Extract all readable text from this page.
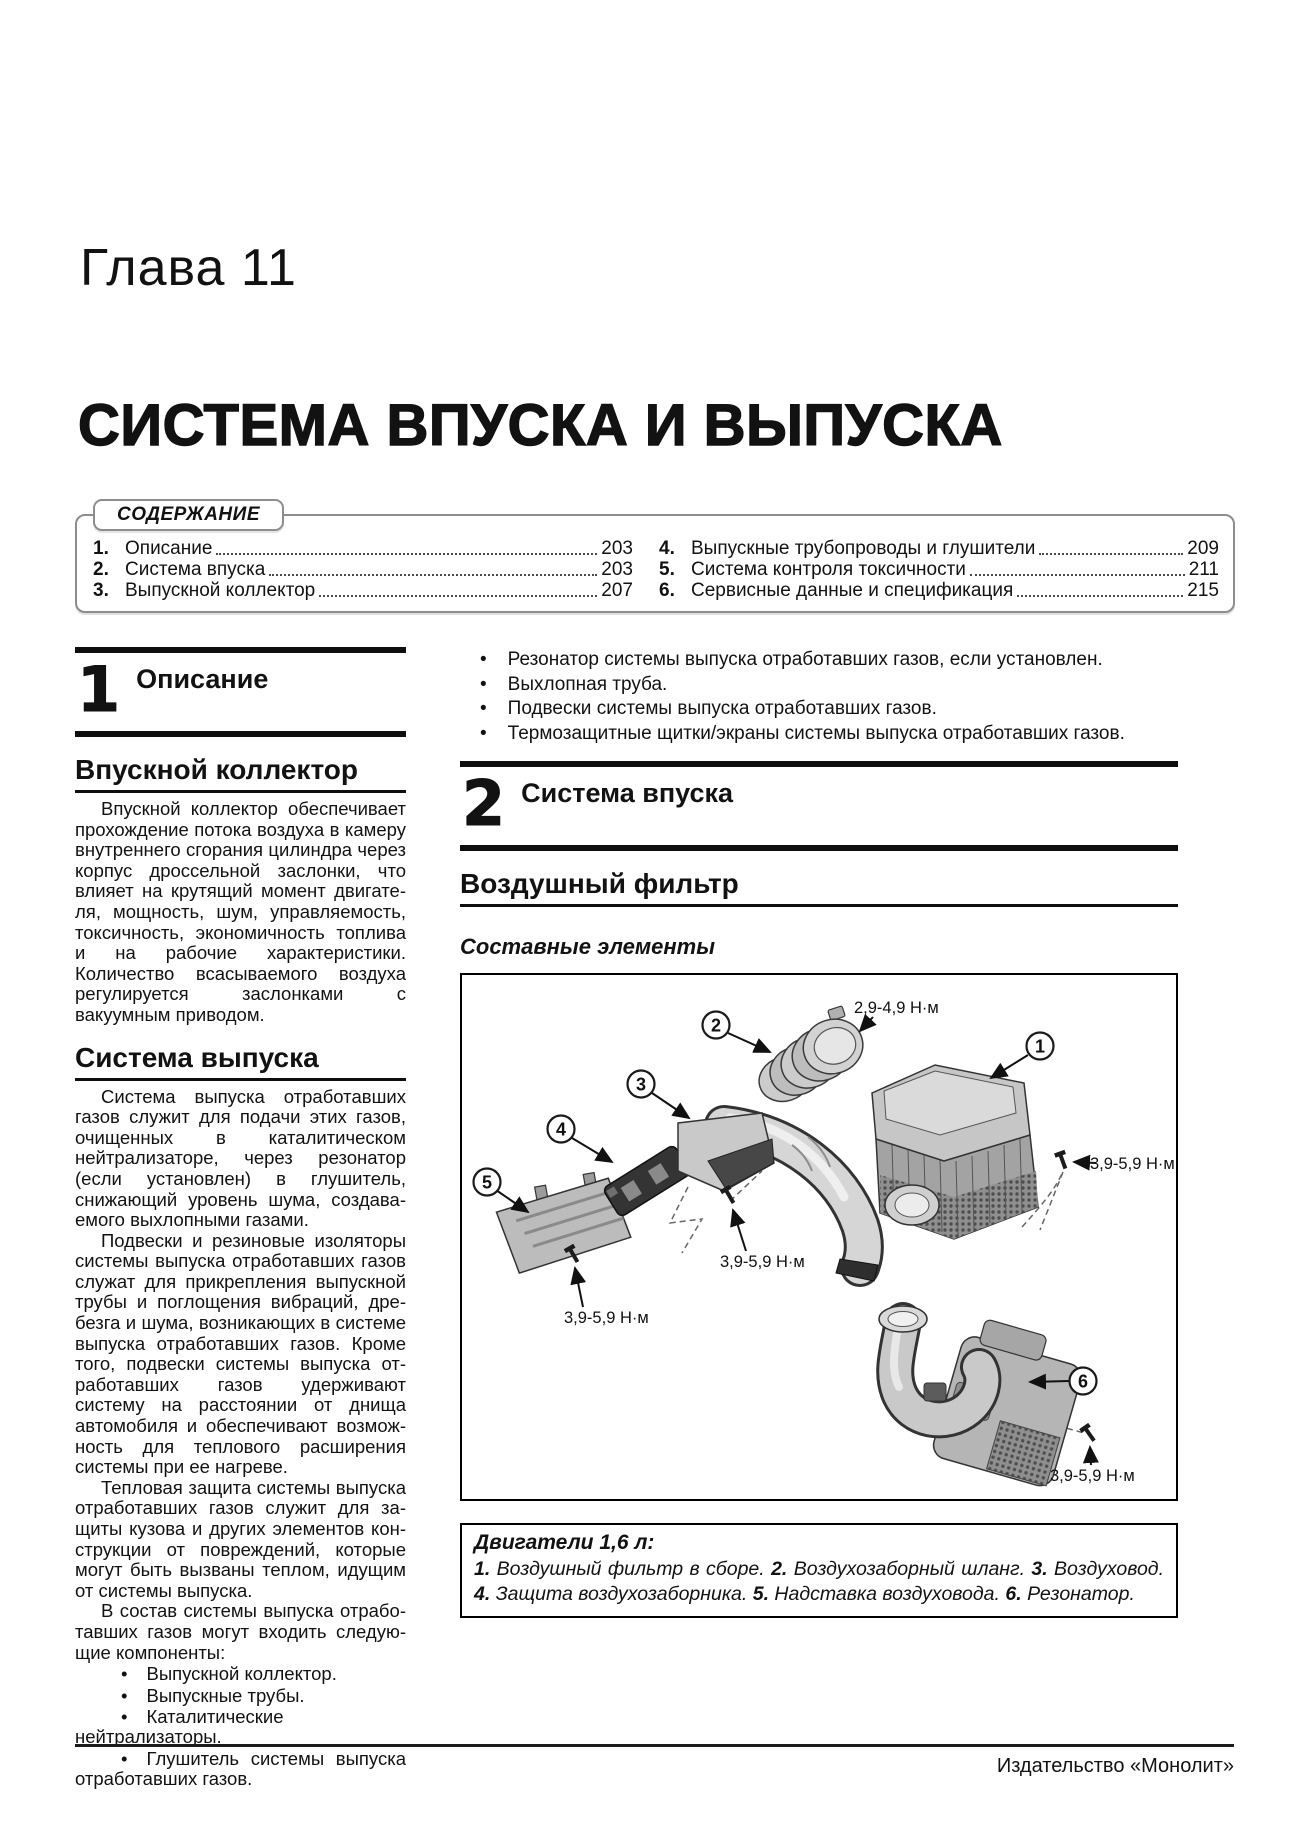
Глава 11
СИСТЕМА ВПУСКА И ВЫПУСКА
СОДЕРЖАНИЕ
1. Описание	203
2. Система впуска	203
3. Выпускной коллектор	207
4. Выпускные трубопроводы и глушители	209
5. Система контроля токсичности	211
6. Сервисные данные и спецификация	215
1 Описание
Впускной коллектор

Впускной коллектор обеспечивает прохождение потока воздуха в камеру внутреннего сгорания цилиндра через корпус дроссельной заслонки, что влияет на крутящий момент двигателя, мощность, шум, управляемость, токсичность, экономичность топлива и на рабочие характеристики. Количество всасываемого воздуха регулируется заслонками с вакуумным приводом.

Система выпуска

Система выпуска отработавших газов служит для подачи этих газов, очищенных в каталитическом нейтрализаторе, через резонатор (если установлен) в глушитель, снижающий уровень шума, создаваемого выхлопными газами.

Подвески и резиновые изоляторы системы выпуска отработавших газов служат для прикрепления выпускной трубы и поглощения вибраций, дребезга и шума, возникающих в системе выпуска отработавших газов. Кроме того, подвески системы выпуска отработавших газов удерживают систему на расстоянии от днища автомобиля и обеспечивают возможность для теплового расширения системы при ее нагреве.

Тепловая защита системы выпуска отработавших газов служит для защиты кузова и других элементов конструкции от повреждений, которые могут быть вызваны теплом, идущим от системы выпуска.

В состав системы выпуска отработавших газов могут входить следующие компоненты:

• Выпускной коллектор.
• Выпускные трубы.
• Каталитические нейтрализаторы.
• Глушитель системы выпуска отработавших газов.
• Резонатор системы выпуска отработавших газов, если установлен.
• Выхлопная труба.
• Подвески системы выпуска отработавших газов.
• Термозащитные щитки/экраны системы выпуска отработавших газов.
2 Система впуска
Воздушный фильтр
Составные элементы
2,9-4,9 Н·м
3,9-5,9 Н·м
3,9-5,9 Н·м
3,9-5,9 Н·м
3,9-5,9 Н·м
1
2
3
4
5
6

Двигатели 1,6 л:

1. Воздушный фильтр в сборе. 2. Воздухозаборный шланг. 3. Воздуховод. 4. Защита воздухозаборника. 5. Надставка воздуховода. 6. Резонатор.

Издательство «Монолит»
